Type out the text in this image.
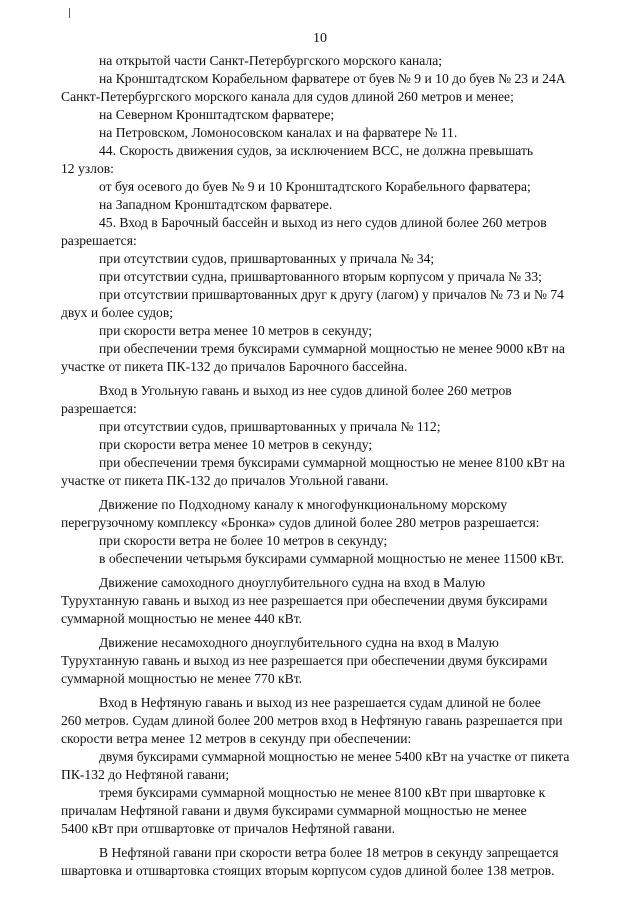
10

на открытой части Санкт-Петербургского морского канала;

на Кронштадтском Корабельном фарватере от буев № 9 и 10 до буев № 23 и 24А

Санкт-Петербургского морского канала для судов длиной 260 метров и менее;

на Северном Кронштадтском фарватере;

на Петровском, Ломоносовском каналах и на фарватере № 11.

44. Скорость движения судов, за исключением ВСС, не должна превышать

12 узлов:

от буя осевого до буев № 9 и 10 Кронштадтского Корабельного фарватера;

на Западном Кронштадтском фарватере.

45. Вход в Барочный бассейн и выход из него судов длиной более 260 метров

разрешается:

при отсутствии судов, пришвартованных у причала № 34;

при отсутствии судна, пришвартованного вторым корпусом у причала № 33;

при отсутствии пришвартованных друг к другу (лагом) у причалов № 73 и № 74

двух и более судов;

при скорости ветра менее 10 метров в секунду;

при обеспечении тремя буксирами суммарной мощностью не менее 9000 кВт на

участке от пикета ПК-132 до причалов Барочного бассейна.

Вход в Угольную гавань и выход из нее судов длиной более 260 метров

разрешается:

при отсутствии судов, пришвартованных у причала № 112;

при скорости ветра менее 10 метров в секунду;

при обеспечении тремя буксирами суммарной мощностью не менее 8100 кВт на

участке от пикета ПК-132 до причалов Угольной гавани.

Движение по Подходному каналу к многофункциональному морскому

перегрузочному комплексу «Бронка» судов длиной более 280 метров разрешается:

при скорости ветра не более 10 метров в секунду;

в обеспечении четырьмя буксирами суммарной мощностью не менее 11500 кВт.

Движение самоходного дноуглубительного судна на вход в Малую

Турухтанную гавань и выход из нее разрешается при обеспечении двумя буксирами

суммарной мощностью не менее 440 кВт.

Движение несамоходного дноуглубительного судна на вход в Малую

Турухтанную гавань и выход из нее разрешается при обеспечении двумя буксирами

суммарной мощностью не менее 770 кВт.

Вход в Нефтяную гавань и выход из нее разрешается судам длиной не более

260 метров. Судам длиной более 200 метров вход в Нефтяную гавань разрешается при

скорости ветра менее 12 метров в секунду при обеспечении:

двумя буксирами суммарной мощностью не менее 5400 кВт на участке от пикета

ПК-132 до Нефтяной гавани;

тремя буксирами суммарной мощностью не менее 8100 кВт при швартовке к

причалам Нефтяной гавани и двумя буксирами суммарной мощностью не менее

5400 кВт при отшвартовке от причалов Нефтяной гавани.

В Нефтяной гавани при скорости ветра более 18 метров в секунду запрещается

швартовка и отшвартовка стоящих вторым корпусом судов длиной более 138 метров.
